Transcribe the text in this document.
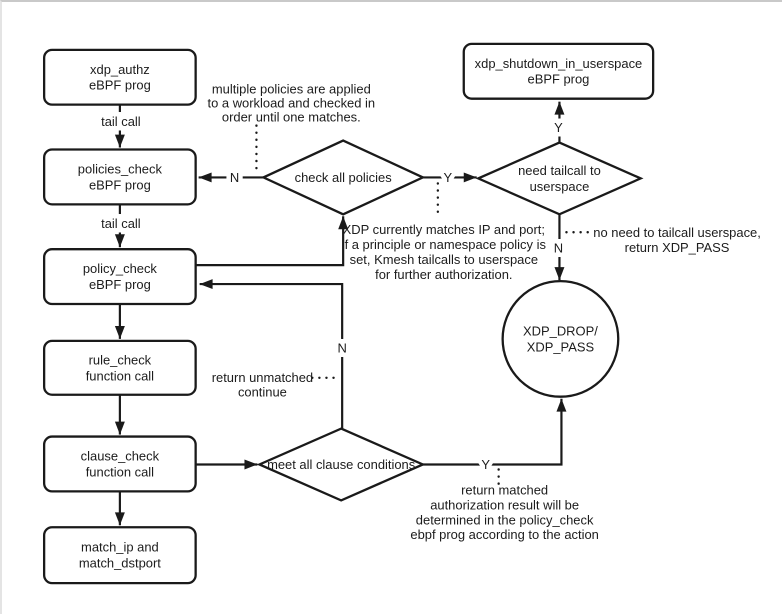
tail call
tail call
N	Y
Y
N
N
Y
xdp_authz
eBPF prog
policies_check
eBPF prog
policy_check
eBPF prog
rule_check
function call
clause_check
function call
match_ip and
match_dstport
xdp_shutdown_in_userspace
eBPF prog
check all policies	need tailcall to
userspace
meet all clause conditions
XDP_DROP/
XDP_PASS
multiple policies are applied
to a workload and checked in
order until one matches.
XDP currently matches IP and port;
if a principle or namespace policy is
set, Kmesh tailcalls to userspace
for further authorization.
no need to tailcall userspace,
return XDP_PASS
return unmatched
continue
return matched
authorization result will be
determined in the policy_check
ebpf prog according to the action
